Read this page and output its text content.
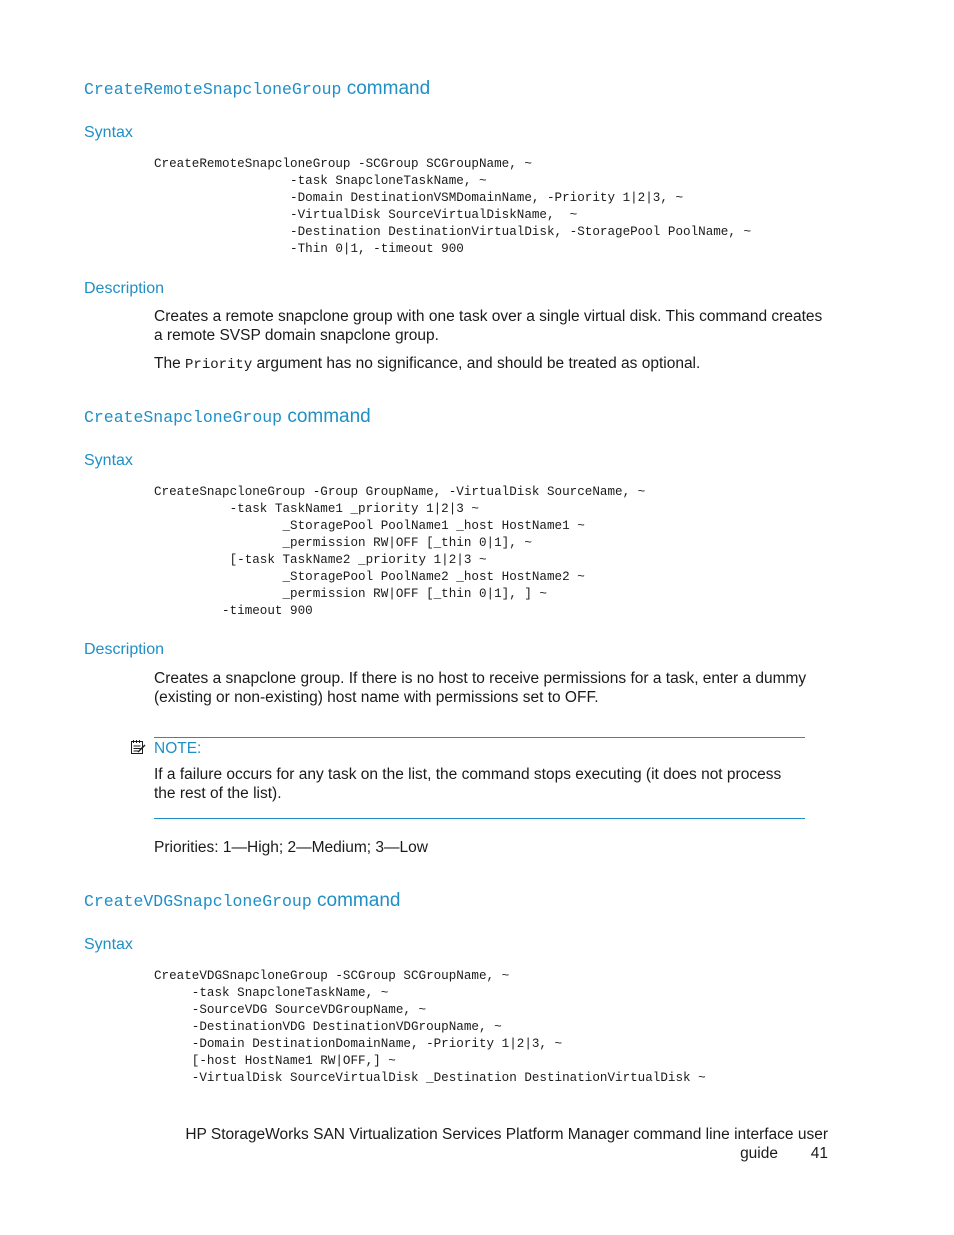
CreateRemoteSnapcloneGroup command
Syntax
CreateRemoteSnapcloneGroup -SCGroup SCGroupName, ~
-task SnapcloneTaskName, ~
-Domain DestinationVSMDomainName, -Priority 1|2|3, ~
-VirtualDisk SourceVirtualDiskName,  ~
-Destination DestinationVirtualDisk, -StoragePool PoolName, ~
-Thin 0|1, -timeout 900
Description
Creates a remote snapclone group with one task over a single virtual disk. This command creates a remote SVSP domain snapclone group.
The Priority argument has no significance, and should be treated as optional.
CreateSnapcloneGroup command
Syntax
CreateSnapcloneGroup -Group GroupName, -VirtualDisk SourceName, ~
-task TaskName1 _priority 1|2|3 ~
_StoragePool PoolName1 _host HostName1 ~
_permission RW|OFF [_thin 0|1], ~
[-task TaskName2 _priority 1|2|3 ~
_StoragePool PoolName2 _host HostName2 ~
_permission RW|OFF [_thin 0|1], ] ~
-timeout 900
Description
Creates a snapclone group. If there is no host to receive permissions for a task, enter a dummy (existing or non-existing) host name with permissions set to OFF.
NOTE:
If a failure occurs for any task on the list, the command stops executing (it does not process the rest of the list).
Priorities: 1—High; 2—Medium; 3—Low
CreateVDGSnapcloneGroup command
Syntax
CreateVDGSnapcloneGroup -SCGroup SCGroupName, ~
-task SnapcloneTaskName, ~
-SourceVDG SourceVDGroupName, ~
-DestinationVDG DestinationVDGroupName, ~
-Domain DestinationDomainName, -Priority 1|2|3, ~
[-host HostName1 RW|OFF,] ~
-VirtualDisk SourceVirtualDisk _Destination DestinationVirtualDisk ~
HP StorageWorks SAN Virtualization Services Platform Manager command line interface user
guide 41
